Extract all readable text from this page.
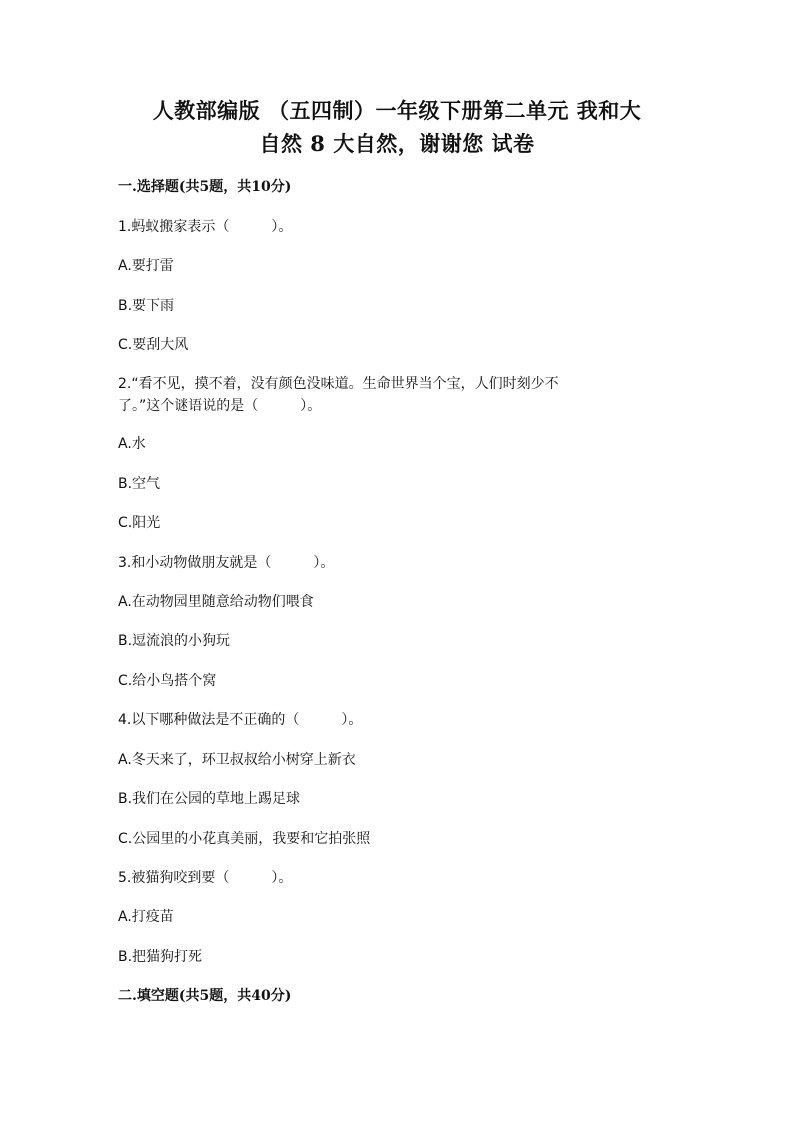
人教部编版 （五四制）一年级下册第二单元 我和大
自然 8 大自然，谢谢您 试卷
一.选择题(共5题，共10分)
1.蚂蚁搬家表示（　　　）。
A.要打雷
B.要下雨
C.要刮大风
2.“看不见，摸不着，没有颜色没味道。生命世界当个宝，人们时刻少不
了。”这个谜语说的是（　　　）。
A.水
B.空气
C.阳光
3.和小动物做朋友就是（　　　）。
A.在动物园里随意给动物们喂食
B.逗流浪的小狗玩
C.给小鸟搭个窝
4.以下哪种做法是不正确的（　　　）。
A.冬天来了，环卫叔叔给小树穿上新衣
B.我们在公园的草地上踢足球
C.公园里的小花真美丽，我要和它拍张照
5.被猫狗咬到要（　　　）。
A.打疫苗
B.把猫狗打死
二.填空题(共5题，共40分)
